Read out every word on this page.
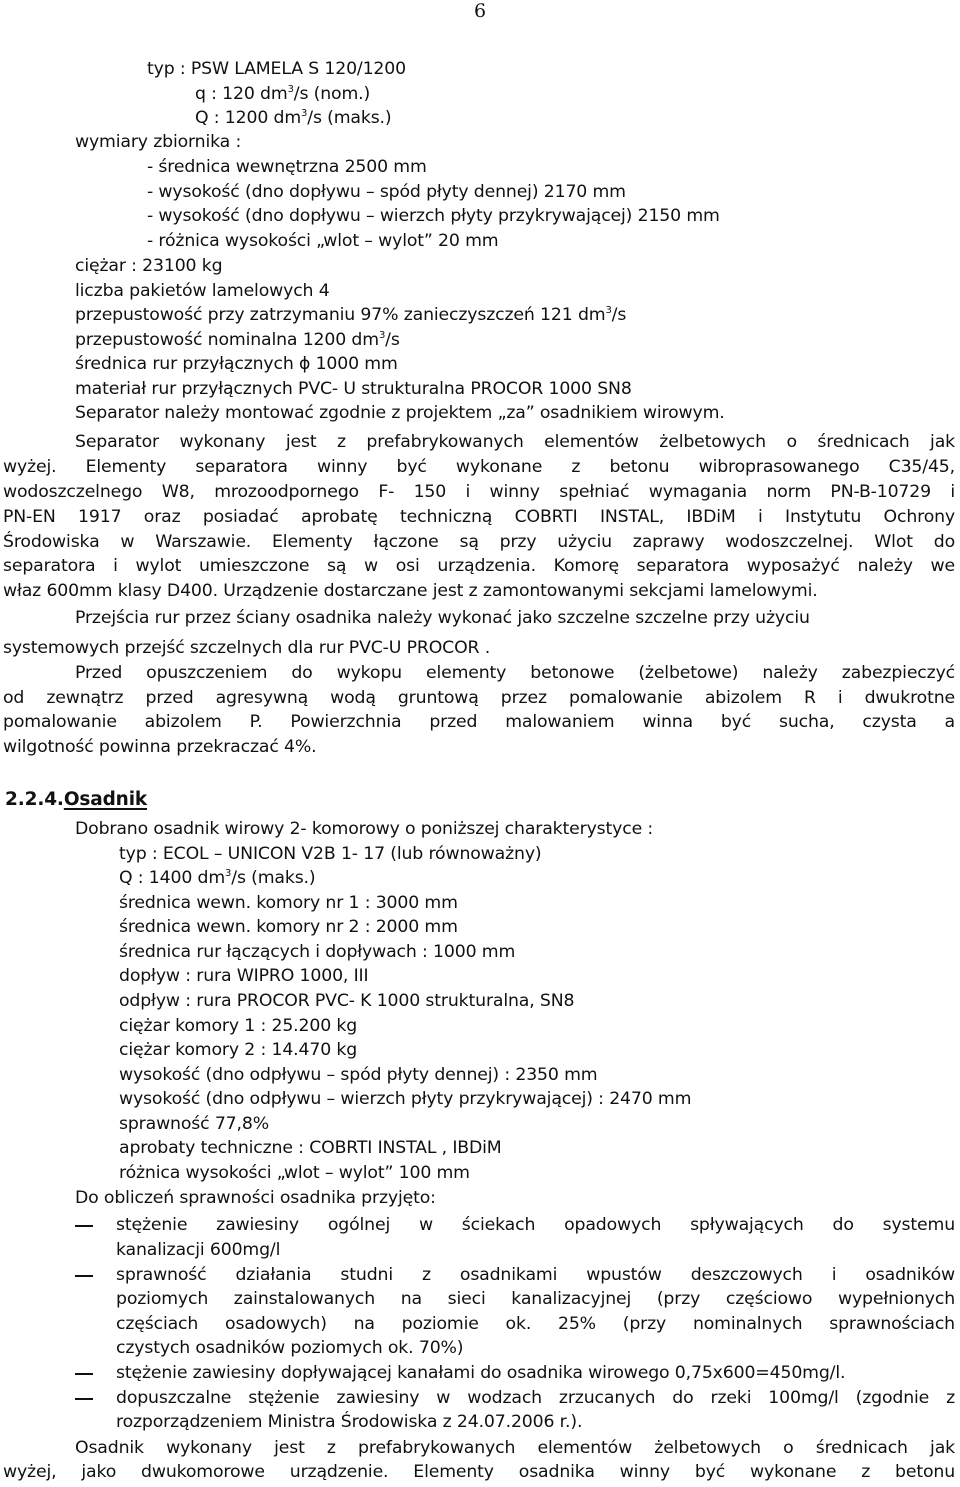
6
typ : PSW LAMELA S 120/1200
q : 120 $dm^3/s$ (nom.)
Q : 1200 $dm^3/s$ (maks.)
wymiary zbiornika :
- średnica wewnętrzna 2500 mm
- wysokość (dno dopływu – spód płyty dennej) 2170 mm
- wysokość (dno dopływu – wierzch płyty przykrywającej) 2150 mm
- różnica wysokości „wlot – wylot” 20 mm
ciężar : 23100 kg
liczba pakietów lamelowych 4
przepustowość przy zatrzymaniu 97% zanieczyszczeń 121 $dm^3/s$
przepustowość nominalna 1200 $dm^3/s$
średnica rur przyłącznych ϕ 1000 mm
materiał rur przyłącznych PVC- U strukturalna PROCOR 1000 SN8
Separator należy montować zgodnie z projektem „za” osadnikiem wirowym.
Separator wykonany jest z prefabrykowanych elementów żelbetowych o średnicach jak
wyżej. Elementy separatora winny być wykonane z betonu wibroprasowanego C35/45,
wodoszczelnego W8, mrozoodpornego F- 150 i winny spełniać wymagania norm PN-B-10729 i
PN-EN 1917 oraz posiadać aprobatę techniczną COBRTI INSTAL, IBDiM i Instytutu Ochrony
Środowiska w Warszawie. Elementy łączone są przy użyciu zaprawy wodoszczelnej. Wlot do
separatora i wylot umieszczone są w osi urządzenia. Komorę separatora wyposażyć należy we
właz 600mm klasy D400. Urządzenie dostarczane jest z zamontowanymi sekcjami lamelowymi.
Przejścia rur przez ściany osadnika należy wykonać jako szczelne szczelne przy użyciu
systemowych przejść szczelnych dla rur PVC-U PROCOR .
Przed opuszczeniem do wykopu elementy betonowe (żelbetowe) należy zabezpieczyć
od zewnątrz przed agresywną wodą gruntową przez pomalowanie abizolem R i dwukrotne
pomalowanie abizolem P. Powierzchnia przed malowaniem winna być sucha, czysta a
wilgotność powinna przekraczać 4%.
2.2.4.Osadnik
Dobrano osadnik wirowy 2- komorowy o poniższej charakterystyce :
typ : ECOL – UNICON V2B 1- 17 (lub równoważny)
Q : 1400 $dm^3/s$ (maks.)
średnica wewn. komory nr 1 : 3000 mm
średnica wewn. komory nr 2 : 2000 mm
średnica rur łączących i dopływach : 1000 mm
dopływ : rura WIPRO 1000, III
odpływ : rura PROCOR PVC- K 1000 strukturalna, SN8
ciężar komory 1 : 25.200 kg
ciężar komory 2 : 14.470 kg
wysokość (dno odpływu – spód płyty dennej) : 2350 mm
wysokość (dno odpływu – wierzch płyty przykrywającej) : 2470 mm
sprawność 77,8%
aprobaty techniczne : COBRTI INSTAL , IBDiM
różnica wysokości „wlot – wylot” 100 mm
Do obliczeń sprawności osadnika przyjęto:
stężenie zawiesiny ogólnej w ściekach opadowych spływających do systemu
kanalizacji 600mg/l
sprawność działania studni z osadnikami wpustów deszczowych i osadników
poziomych zainstalowanych na sieci kanalizacyjnej (przy częściowo wypełnionych
częściach osadowych) na poziomie ok. 25% (przy nominalnych sprawnościach
czystych osadników poziomych ok. 70%)
stężenie zawiesiny dopływającej kanałami do osadnika wirowego 0,75x600=450mg/l.
dopuszczalne stężenie zawiesiny w wodzach zrzucanych do rzeki 100mg/l (zgodnie z
rozporządzeniem Ministra Środowiska z 24.07.2006 r.).
Osadnik wykonany jest z prefabrykowanych elementów żelbetowych o średnicach jak
wyżej, jako dwukomorowe urządzenie. Elementy osadnika winny być wykonane z betonu
